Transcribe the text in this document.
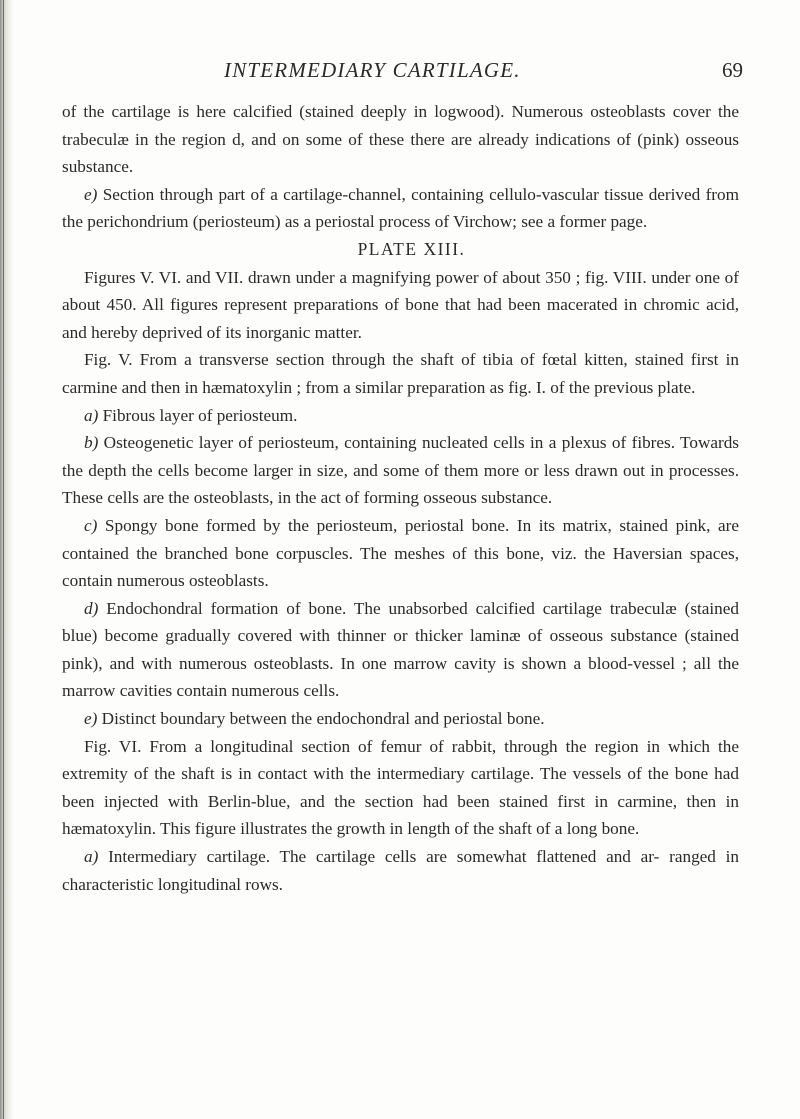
INTERMEDIARY CARTILAGE.	69

of the cartilage is here calcified (stained deeply in logwood). Numerous osteoblasts cover the trabeculæ in the region d, and on some of these there are already indications of (pink) osseous substance.

e) Section through part of a cartilage-channel, containing cellulo-vascular tissue derived from the perichondrium (periosteum) as a periostal process of Virchow; see a former page.

PLATE XIII.

Figures V. VI. and VII. drawn under a magnifying power of about 350 ; fig. VIII. under one of about 450. All figures represent preparations of bone that had been macerated in chromic acid, and hereby deprived of its inorganic matter.

Fig. V. From a transverse section through the shaft of tibia of fœtal kitten, stained first in carmine and then in hæmatoxylin ; from a similar preparation as fig. I. of the previous plate.

a) Fibrous layer of periosteum.

b) Osteogenetic layer of periosteum, containing nucleated cells in a plexus of fibres. Towards the depth the cells become larger in size, and some of them more or less drawn out in processes. These cells are the osteoblasts, in the act of forming osseous substance.

c) Spongy bone formed by the periosteum, periostal bone. In its matrix, stained pink, are contained the branched bone corpuscles. The meshes of this bone, viz. the Haversian spaces, contain numerous osteoblasts.

d) Endochondral formation of bone. The unabsorbed calcified cartilage trabeculæ (stained blue) become gradually covered with thinner or thicker laminæ of osseous substance (stained pink), and with numerous osteoblasts. In one marrow cavity is shown a blood-vessel ; all the marrow cavities contain numerous cells.

e) Distinct boundary between the endochondral and periostal bone.

Fig. VI. From a longitudinal section of femur of rabbit, through the region in which the extremity of the shaft is in contact with the intermediary cartilage. The vessels of the bone had been injected with Berlin-blue, and the section had been stained first in carmine, then in hæmatoxylin. This figure illustrates the growth in length of the shaft of a long bone.

a) Intermediary cartilage. The cartilage cells are somewhat flattened and ar- ranged in characteristic longitudinal rows.
